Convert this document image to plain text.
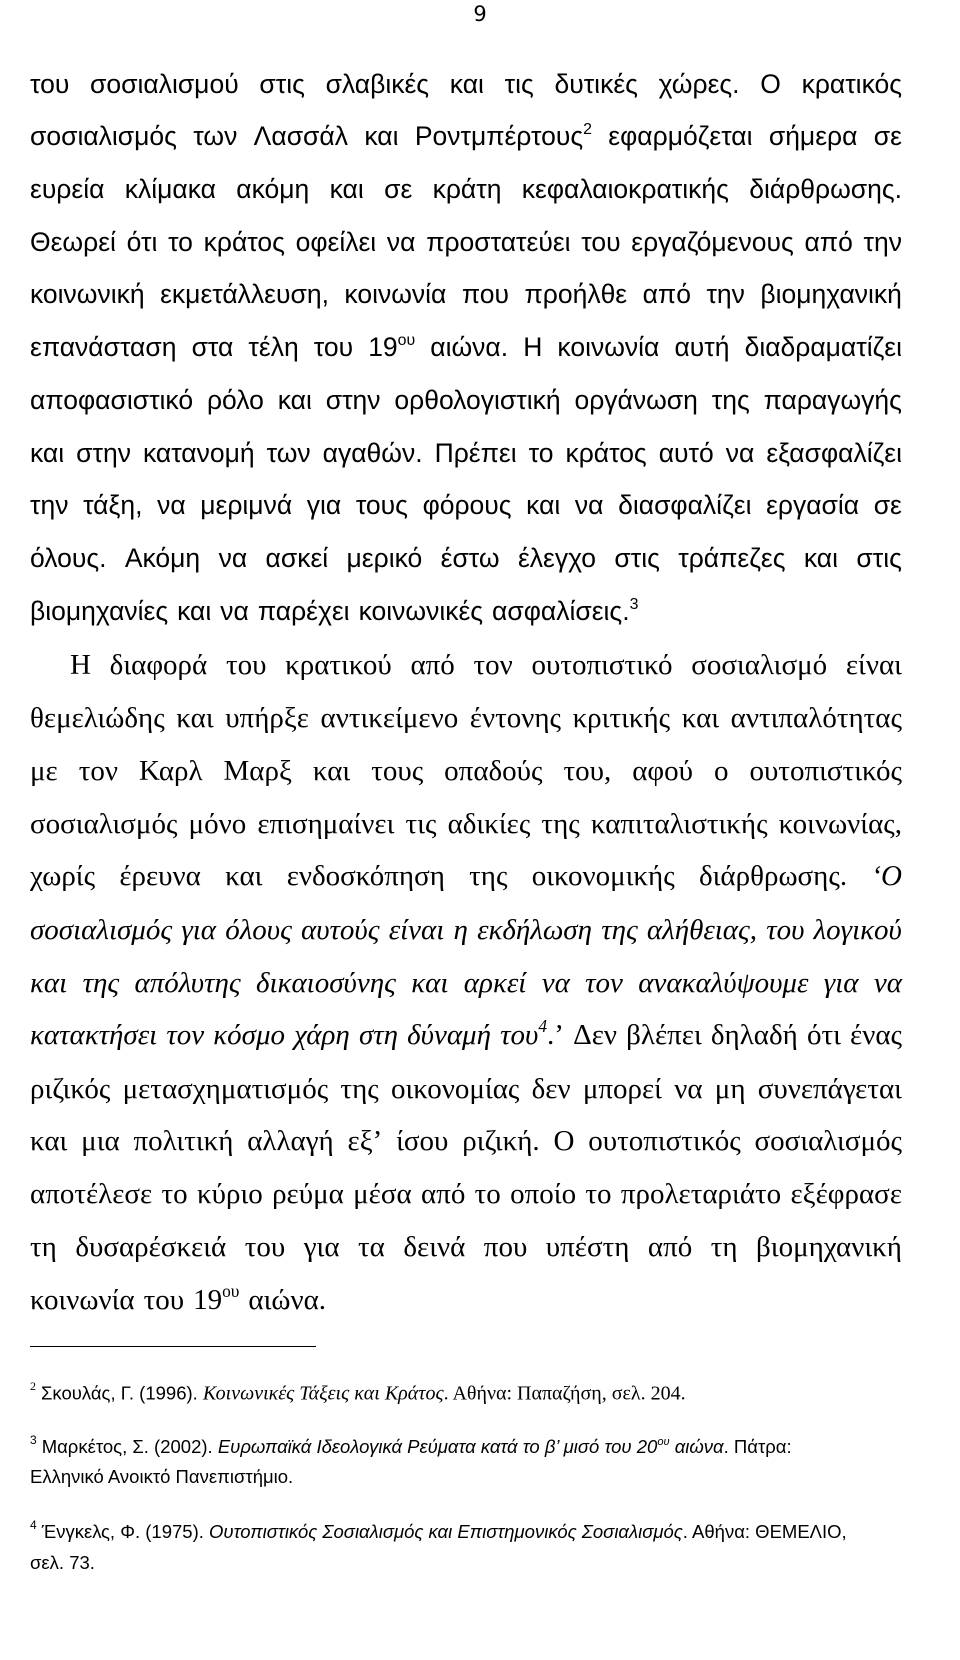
9
του σοσιαλισμού στις σλαβικές και τις δυτικές χώρες. Ο κρατικός
σοσιαλισμός των Λασσάλ και Ροντμπέρτους$^2$ εφαρμόζεται σήμερα σε
ευρεία κλίμακα ακόμη και σε κράτη κεφαλαιοκρατικής διάρθρωσης.
Θεωρεί ότι το κράτος οφείλει να προστατεύει του εργαζόμενους από την
κοινωνική εκμετάλλευση, κοινωνία που προήλθε από την βιομηχανική
επανάσταση στα τέλη του $19^{o\upsilon}$ αιώνα. Η κοινωνία αυτή διαδραματίζει
αποφασιστικό ρόλο και στην ορθολογιστική οργάνωση της παραγωγής
και στην κατανομή των αγαθών. Πρέπει το κράτος αυτό να εξασφαλίζει
την τάξη, να μεριμνά για τους φόρους και να διασφαλίζει εργασία σε
όλους. Ακόμη να ασκεί μερικό έστω έλεγχο στις τράπεζες και στις
βιομηχανίες και να παρέχει κοινωνικές ασφαλίσεις.$^3$
Η διαφορά του κρατικού από τον ουτοπιστικό σοσιαλισμό είναι
θεμελιώδης και υπήρξε αντικείμενο έντονης κριτικής και αντιπαλότητας
με τον Καρλ Μαρξ και τους οπαδούς του, αφού ο ουτοπιστικός
σοσιαλισμός μόνο επισημαίνει τις αδικίες της καπιταλιστικής κοινωνίας,
χωρίς έρευνα και ενδοσκόπηση της οικονομικής διάρθρωσης. ‘Ο
σοσιαλισμός για όλους αυτούς είναι η εκδήλωση της αλήθειας, του λογικού
και της απόλυτης δικαιοσύνης και αρκεί να τον ανακαλύψουμε για να
κατακτήσει τον κόσμο χάρη στη δύναμή του$^4$.’ Δεν βλέπει δηλαδή ότι ένας
ριζικός μετασχηματισμός της οικονομίας δεν μπορεί να μη συνεπάγεται
και μια πολιτική αλλαγή εξ’ ίσου ριζική. Ο ουτοπιστικός σοσιαλισμός
αποτέλεσε το κύριο ρεύμα μέσα από το οποίο το προλεταριάτο εξέφρασε
τη δυσαρέσκειά του για τα δεινά που υπέστη από τη βιομηχανική
κοινωνία του $19^{o\upsilon}$ αιώνα.
$^2$ Σκουλάς, Γ. (1996). Κοινωνικές Τάξεις και Κράτος. Αθήνα: Παπαζήση, σελ. 204.
$^3$ Μαρκέτος, Σ. (2002). Ευρωπαϊκά Ιδεολογικά Ρεύματα κατά το β’ μισό του $20^{o\upsilon}$ αιώνα. Πάτρα:
Ελληνικό Ανοικτό Πανεπιστήμιο.
$^4$ Ένγκελς, Φ. (1975). Ουτοπιστικός Σοσιαλισμός και Επιστημονικός Σοσιαλισμός. Αθήνα: ΘΕΜΕΛΙΟ,
σελ. 73.
